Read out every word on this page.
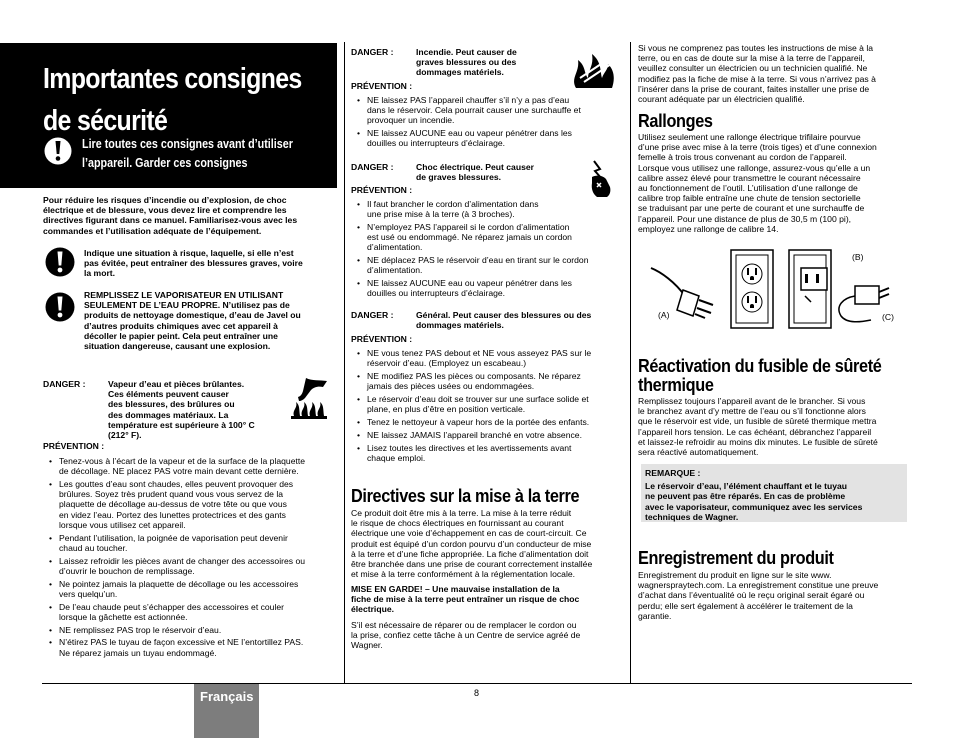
Importantes consignes
de sécurité
Lire toutes ces consignes avant d’utiliser
l’appareil. Garder ces consignes
Pour réduire les risques d’incendie ou d’explosion, de choc
électrique et de blessure, vous devez lire et comprendre les
directives figurant dans ce manuel. Familiarisez-vous avec les
commandes et l’utilisation adéquate de l’équipement.
Indique une situation à risque, laquelle, si elle n’est
pas évitée, peut entraîner des blessures graves, voire
la mort.
REMPLISSEZ LE VAPORISATEUR EN UTILISANT
SEULEMENT DE L’EAU PROPRE. N’utilisez pas de
produits de nettoyage domestique, d’eau de Javel ou
d’autres produits chimiques avec cet appareil à
décoller le papier peint. Cela peut entraîner une
situation dangereuse, causant une explosion.
DANGER :	Vapeur d’eau et pièces brûlantes.
Ces éléments peuvent causer
des blessures, des brûlures ou
des dommages matériaux. La
température est supérieure à 100° C
(212° F).
PRÉVENTION :
• Tenez-vous à l’écart de la vapeur et de la surface de la plaquette
de décollage. NE placez PAS votre main devant cette dernière.
• Les gouttes d’eau sont chaudes, elles peuvent provoquer des
brûlures. Soyez très prudent quand vous vous servez de la
plaquette de décollage au-dessus de votre tête ou que vous
en videz l’eau. Portez des lunettes protectrices et des gants
lorsque vous utilisez cet appareil.
• Pendant l’utilisation, la poignée de vaporisation peut devenir
chaud au toucher.
• Laissez refroidir les pièces avant de changer des accessoires ou
d’ouvrir le bouchon de remplissage.
• Ne pointez jamais la plaquette de décollage ou les accessoires
vers quelqu’un.
• De l’eau chaude peut s’échapper des accessoires et couler
lorsque la gâchette est actionnée.
• NE remplissez PAS trop le réservoir d’eau.
• N’étirez PAS le tuyau de façon excessive et NE l’entortillez PAS.
Ne réparez jamais un tuyau endommagé.
DANGER :	Incendie. Peut causer de
graves blessures ou des
dommages matériels.
PRÉVENTION :
• NE laissez PAS l’appareil chauffer s’il n’y a pas d’eau
dans le réservoir. Cela pourrait causer une surchauffe et
provoquer un incendie.
• NE laissez AUCUNE eau ou vapeur pénétrer dans les
douilles ou interrupteurs d’éclairage.
DANGER :	Choc électrique. Peut causer
de graves blessures.
PRÉVENTION :
• Il faut brancher le cordon d’alimentation dans
une prise mise à la terre (à 3 broches).
• N’employez PAS l’appareil si le cordon d’alimentation
est usé ou endommagé. Ne réparez jamais un cordon
d’alimentation.
• NE déplacez PAS le réservoir d’eau en tirant sur le cordon
d’alimentation.
• NE laissez AUCUNE eau ou vapeur pénétrer dans les
douilles ou interrupteurs d’éclairage.
DANGER :	Général. Peut causer des blessures ou des
dommages matériels.
PRÉVENTION :
• NE vous tenez PAS debout et NE vous asseyez PAS sur le
réservoir d’eau. (Employez un escabeau.)
• NE modifiez PAS les pièces ou composants. Ne réparez
jamais des pièces usées ou endommagées.
• Le réservoir d’eau doit se trouver sur une surface solide et
plane, en plus d’être en position verticale.
• Tenez le nettoyeur à vapeur hors de la portée des enfants.
• NE laissez JAMAIS l’appareil branché en votre absence.
• Lisez toutes les directives et les avertissements avant
chaque emploi.
Directives sur la mise à la terre
Ce produit doit être mis à la terre. La mise à la terre réduit
le risque de chocs électriques en fournissant au courant
électrique une voie d’échappement en cas de court-circuit. Ce
produit est équipé d’un cordon pourvu d’un conducteur de mise
à la terre et d’une fiche appropriée. La fiche d’alimentation doit
être branchée dans une prise de courant correctement installée
et mise à la terre conformément à la réglementation locale.
MISE EN GARDE! – Une mauvaise installation de la
fiche de mise à la terre peut entraîner un risque de choc
électrique.
S’il est nécessaire de réparer ou de remplacer le cordon ou
la prise, confiez cette tâche à un Centre de service agréé de
Wagner.
Si vous ne comprenez pas toutes les instructions de mise à la
terre, ou en cas de doute sur la mise à la terre de l’appareil,
veuillez consulter un électricien ou un technicien qualifié. Ne
modifiez pas la fiche de mise à la terre. Si vous n’arrivez pas à
l’insérer dans la prise de courant, faites installer une prise de
courant adéquate par un électricien qualifié.
Rallonges
Utilisez seulement une rallonge électrique trifilaire pourvue
d’une prise avec mise à la terre (trois tiges) et d’une connexion
femelle à trois trous convenant au cordon de l’appareil.
Lorsque vous utilisez une rallonge, assurez-vous qu’elle a un
calibre assez élevé pour transmettre le courant nécessaire
au fonctionnement de l’outil. L’utilisation d’une rallonge de
calibre trop faible entraîne une chute de tension sectorielle
se traduisant par une perte de courant et une surchauffe de
l’appareil. Pour une distance de plus de 30,5 m (100 pi),
employez une rallonge de calibre 14.
(B)
(A)	(C)
Réactivation du fusible de sûreté
thermique
Remplissez toujours l’appareil avant de le brancher. Si vous
le branchez avant d’y mettre de l’eau ou s’il fonctionne alors
que le réservoir est vide, un fusible de sûreté thermique mettra
l’appareil hors tension. Le cas échéant, débranchez l’appareil
et laissez-le refroidir au moins dix minutes. Le fusible de sûreté
sera réactivé automatiquement.
REMARQUE :
Le réservoir d’eau, l’élément chauffant et le tuyau
ne peuvent pas être réparés. En cas de problème
avec le vaporisateur, communiquez avec les services
techniques de Wagner.
Enregistrement du produit
Enregistrement du produit en ligne sur le site www.
wagnerspraytech.com. La enregistrement constitue une preuve
d’achat dans l’éventualité où le reçu original serait égaré ou
perdu; elle sert également à accélérer le traitement de la
garantie.
Français	8
